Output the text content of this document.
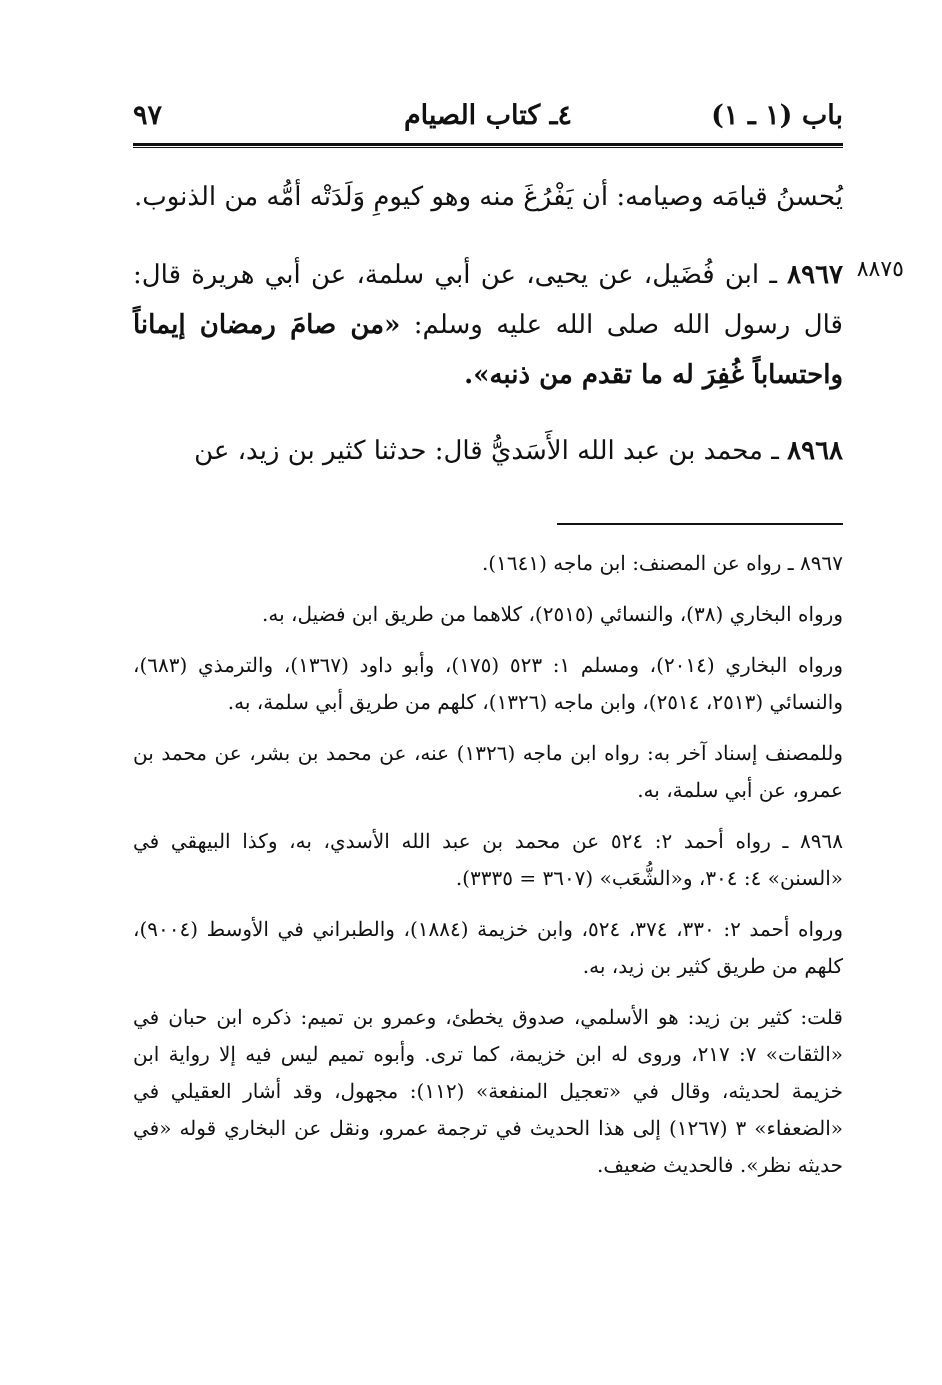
باب (١ ـ ١)
٤ـ كتاب الصيام
٩٧
٨٨٧٥

يُحسنُ قيامَه وصيامه: أن يَفْرُغَ منه وهو كيومِ وَلَدَتْه أمُّه من الذنوب.

٨٩٦٧ ـ ابن فُضَيل، عن يحيى، عن أبي سلمة، عن أبي هريرة قال: قال رسول الله صلى الله عليه وسلم: «من صامَ رمضان إيماناً واحتساباً غُفِرَ له ما تقدم من ذنبه».

٨٩٦٨ ـ محمد بن عبد الله الأَسَديُّ قال: حدثنا كثير بن زيد، عن

٨٩٦٧ ـ رواه عن المصنف: ابن ماجه (١٦٤١).

ورواه البخاري (٣٨)، والنسائي (٢٥١٥)، كلاهما من طريق ابن فضيل، به.

ورواه البخاري (٢٠١٤)، ومسلم ١: ٥٢٣ (١٧٥)، وأبو داود (١٣٦٧)، والترمذي (٦٨٣)، والنسائي (٢٥١٣، ٢٥١٤)، وابن ماجه (١٣٢٦)، كلهم من طريق أبي سلمة، به.

وللمصنف إسناد آخر به: رواه ابن ماجه (١٣٢٦) عنه، عن محمد بن بشر، عن محمد بن عمرو، عن أبي سلمة، به.

٨٩٦٨ ـ رواه أحمد ٢: ٥٢٤ عن محمد بن عبد الله الأسدي، به، وكذا البيهقي في «السنن» ٤: ٣٠٤، و«الشُّعَب» (٣٦٠٧ = ٣٣٣٥).

ورواه أحمد ٢: ٣٣٠، ٣٧٤، ٥٢٤، وابن خزيمة (١٨٨٤)، والطبراني في الأوسط (٩٠٠٤)، كلهم من طريق كثير بن زيد، به.

قلت: كثير بن زيد: هو الأسلمي، صدوق يخطئ، وعمرو بن تميم: ذكره ابن حبان في «الثقات» ٧: ٢١٧، وروى له ابن خزيمة، كما ترى. وأبوه تميم ليس فيه إلا رواية ابن خزيمة لحديثه، وقال في «تعجيل المنفعة» (١١٢): مجهول، وقد أشار العقيلي في «الضعفاء» ٣ (١٢٦٧) إلى هذا الحديث في ترجمة عمرو، ونقل عن البخاري قوله «في حديثه نظر». فالحديث ضعيف.
